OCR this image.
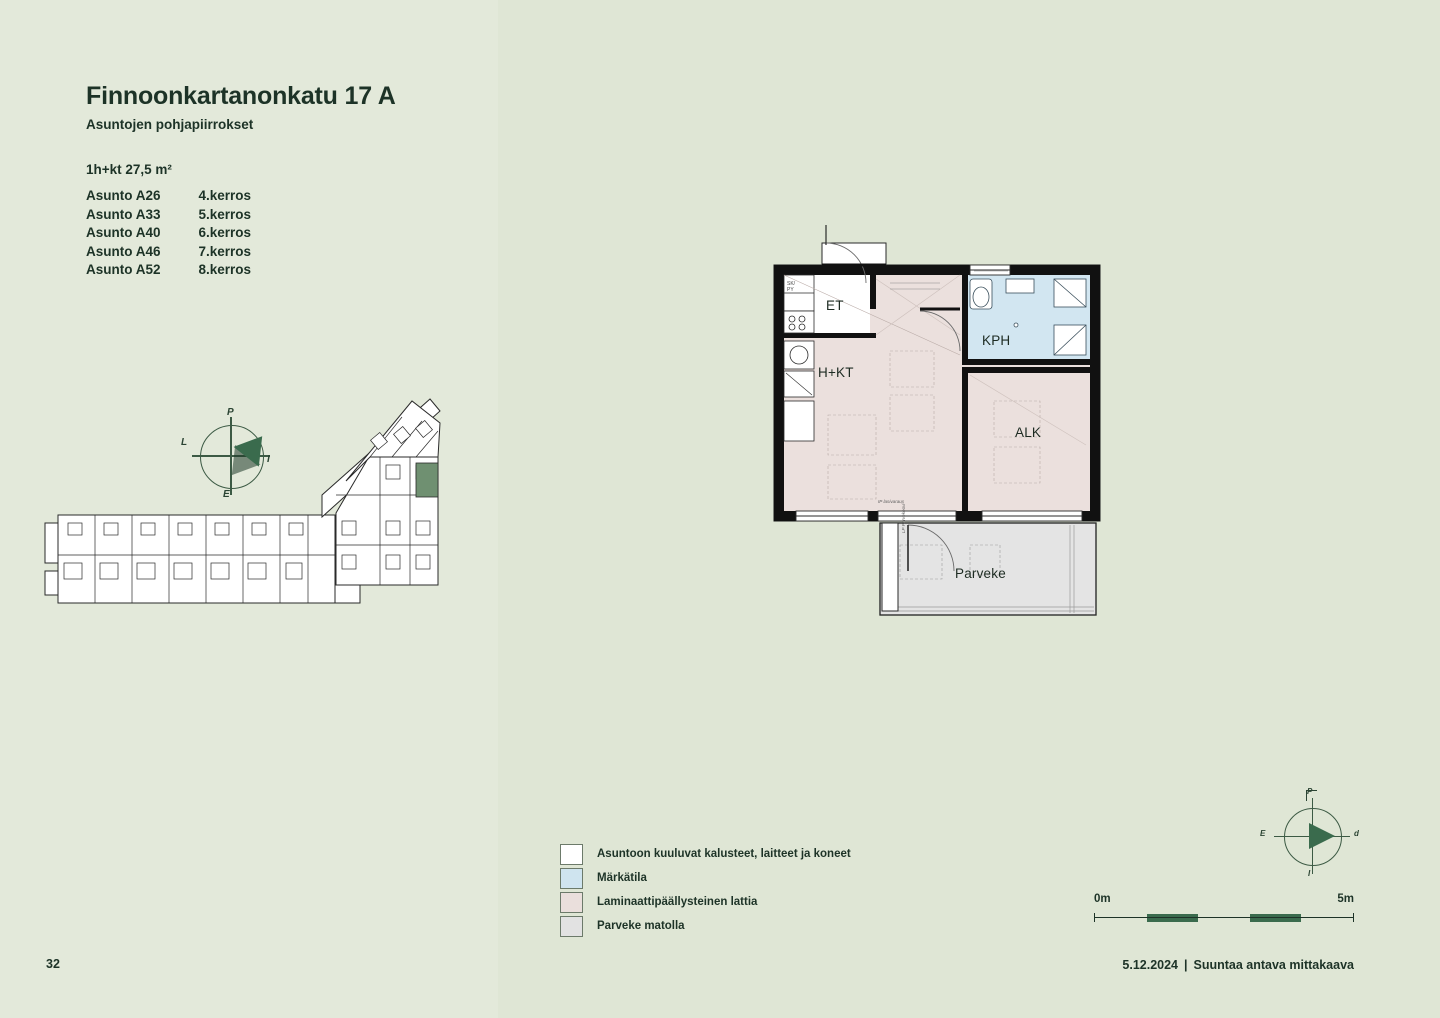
Finnoonkartanonkatu 17 A
Asuntojen pohjapiirrokset
1h+kt 27,5 m²
Asunto A26	4.kerros
Asunto A33	5.kerros
Asunto A40	6.kerros
Asunto A46	7.kerros
Asunto A52	8.kerros
P
L
I
E
SK/
PY
ET
H+KT
KPH
ALK
Parveke
IP lasivaraus
LP Parvekeovi
Asuntoon kuuluvat kalusteet, laitteet ja koneet
Märkätila
Laminaattipäällysteinen lattia
Parveke matolla
P
E	d
I
0m	5m
32	5.12.2024 | Suuntaa antava mittakaava
